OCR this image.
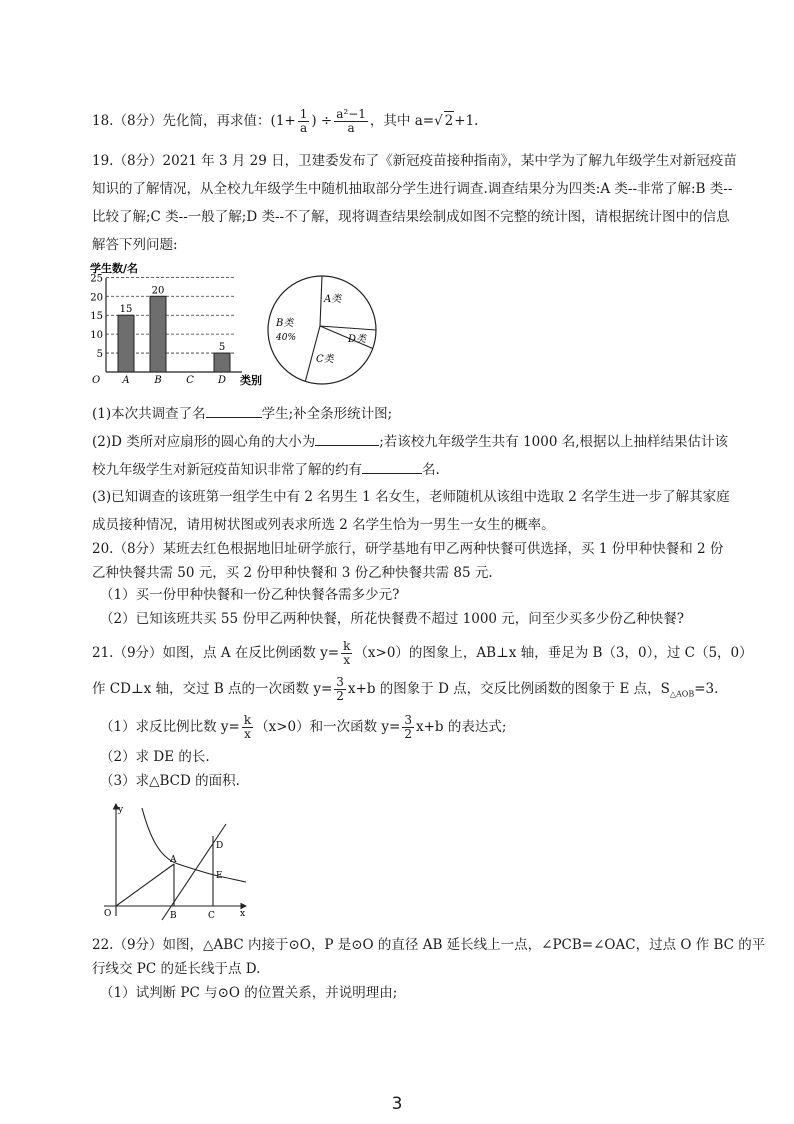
18.（8分）先化简，再求值：($1+ \frac{1}{a}$ ) ÷ $\frac{\text{a²−1}}{a}$ ，其中 a=√ 2+1.
19.（8分）2021 年 3 月 29 日，卫建委发布了《新冠疫苗接种指南》，某中学为了解九年级学生对新冠疫苗
知识的了解情况，从全校九年级学生中随机抽取部分学生进行调查.调查结果分为四类:A 类--非常了解:B 类--
比较了解;C 类--一般了解;D 类--不了解，现将调查结果绘制成如图不完整的统计图，请根据统计图中的信息
解答下列问题:
学生数/名
5
10
15
20
25
O
15
A
20
B C
5
D 类别
A类
B类
C类
D类
40%
(1)本次共调查了名	学生;补全条形统计图;
(2)D 类所对应扇形的圆心角的大小为	;若该校九年级学生共有 1000 名,根据以上抽样结果估计该
校九年级学生对新冠疫苗知识非常了解的约有	名.
(3)已知调查的该班第一组学生中有 2 名男生 1 名女生，老师随机从该组中选取 2 名学生进一步了解其家庭
成员接种情况，请用树状图或列表求所选 2 名学生恰为一男生一女生的概率。
20.（8分）某班去红色根据地旧址研学旅行，研学基地有甲乙两种快餐可供选择，买 1 份甲种快餐和 2 份
乙种快餐共需 50 元，买 2 份甲种快餐和 3 份乙种快餐共需 85 元.
（1）买一份甲种快餐和一份乙种快餐各需多少元?
（2）已知该班共买 55 份甲乙两种快餐，所花快餐费不超过 1000 元，问至少买多少份乙种快餐?
21.（9分）如图，点 A 在反比例函数 $y= \frac{k}{x} (x>0)$的图象上，AB⊥x 轴，垂足为 B（3，0），过 C（5，0）
作 CD⊥x 轴，交过 B 点的一次函数 $y= \frac{3}{2} x+b$ 的图象于 D 点，交反比例函数的图象于 E 点，$S_{\triangle AOB}=3$.
（1）求反比例比数 $y= \frac{k}{x} (x>0)$和一次函数 $y= \frac{3}{2} x+b$ 的表达式;
（2）求 DE 的长.
（3）求△BCD 的面积.
y
x
O
A
B	C
D
E
22.（9分）如图，△ABC 内接于⊙O，P 是⊙O 的直径 AB 延长线上一点，∠PCB=∠OAC，过点 O 作 BC 的平
行线交 PC 的延长线于点 D.
（1）试判断 PC 与⊙O 的位置关系，并说明理由;
3
